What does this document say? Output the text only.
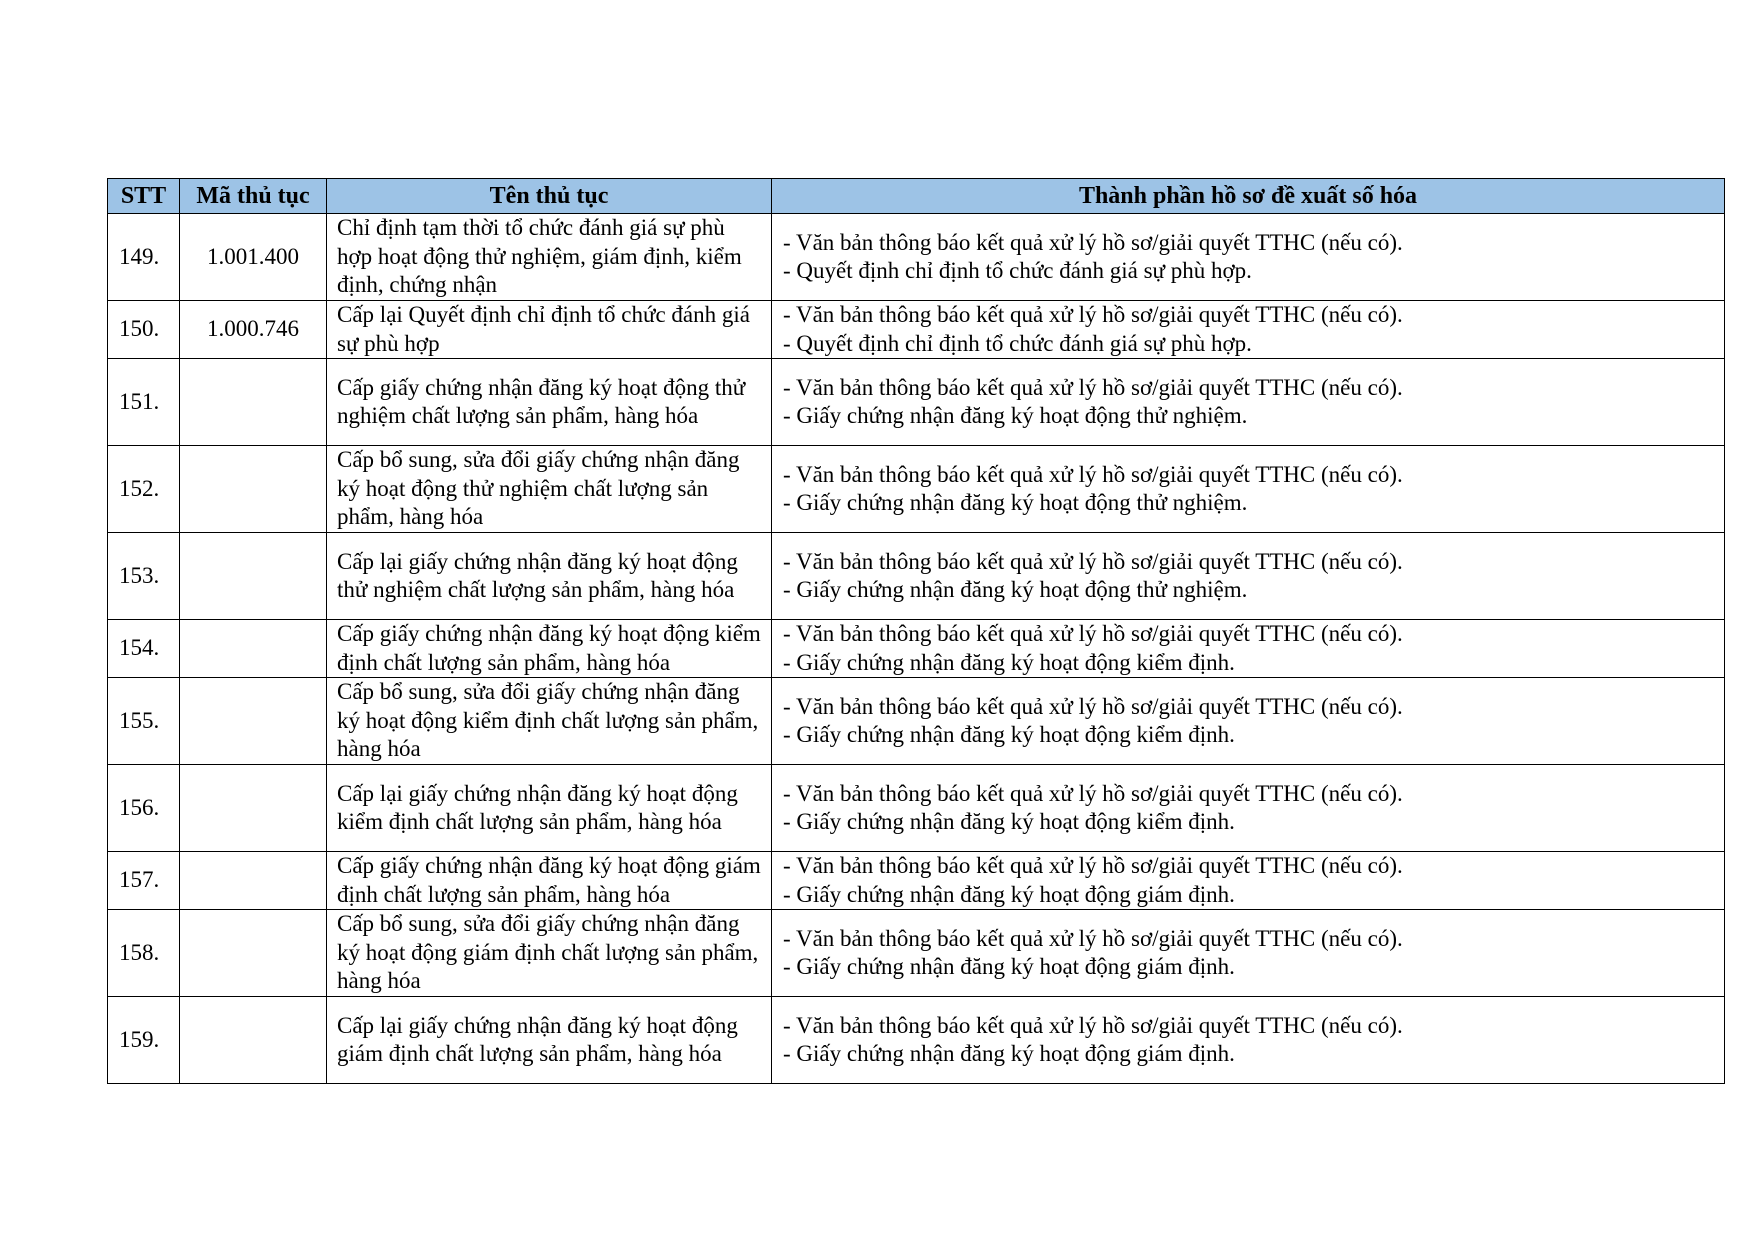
STT	Mã thủ tục	Tên thủ tục	Thành phần hồ sơ đề xuất số hóa
149.	1.001.400	Chỉ định tạm thời tổ chức đánh giá sự phù hợp hoạt động thử nghiệm, giám định, kiểm định, chứng nhận	- Văn bản thông báo kết quả xử lý hồ sơ/giải quyết TTHC (nếu có).
- Quyết định chỉ định tổ chức đánh giá sự phù hợp.

150.	1.000.746	Cấp lại Quyết định chỉ định tổ chức đánh giá sự phù hợp	- Văn bản thông báo kết quả xử lý hồ sơ/giải quyết TTHC (nếu có).
- Quyết định chỉ định tổ chức đánh giá sự phù hợp.

151.		Cấp giấy chứng nhận đăng ký hoạt động thử nghiệm chất lượng sản phẩm, hàng hóa	- Văn bản thông báo kết quả xử lý hồ sơ/giải quyết TTHC (nếu có).
- Giấy chứng nhận đăng ký hoạt động thử nghiệm.

152.		Cấp bổ sung, sửa đổi giấy chứng nhận đăng ký hoạt động thử nghiệm chất lượng sản phẩm, hàng hóa	- Văn bản thông báo kết quả xử lý hồ sơ/giải quyết TTHC (nếu có).
- Giấy chứng nhận đăng ký hoạt động thử nghiệm.

153.		Cấp lại giấy chứng nhận đăng ký hoạt động thử nghiệm chất lượng sản phẩm, hàng hóa	- Văn bản thông báo kết quả xử lý hồ sơ/giải quyết TTHC (nếu có).
- Giấy chứng nhận đăng ký hoạt động thử nghiệm.

154.		Cấp giấy chứng nhận đăng ký hoạt động kiểm định chất lượng sản phẩm, hàng hóa	- Văn bản thông báo kết quả xử lý hồ sơ/giải quyết TTHC (nếu có).
- Giấy chứng nhận đăng ký hoạt động kiểm định.

155.		Cấp bổ sung, sửa đổi giấy chứng nhận đăng ký hoạt động kiểm định chất lượng sản phẩm, hàng hóa	- Văn bản thông báo kết quả xử lý hồ sơ/giải quyết TTHC (nếu có).
- Giấy chứng nhận đăng ký hoạt động kiểm định.

156.		Cấp lại giấy chứng nhận đăng ký hoạt động kiểm định chất lượng sản phẩm, hàng hóa	- Văn bản thông báo kết quả xử lý hồ sơ/giải quyết TTHC (nếu có).
- Giấy chứng nhận đăng ký hoạt động kiểm định.

157.		Cấp giấy chứng nhận đăng ký hoạt động giám định chất lượng sản phẩm, hàng hóa	- Văn bản thông báo kết quả xử lý hồ sơ/giải quyết TTHC (nếu có).
- Giấy chứng nhận đăng ký hoạt động giám định.

158.		Cấp bổ sung, sửa đổi giấy chứng nhận đăng ký hoạt động giám định chất lượng sản phẩm, hàng hóa	- Văn bản thông báo kết quả xử lý hồ sơ/giải quyết TTHC (nếu có).
- Giấy chứng nhận đăng ký hoạt động giám định.

159.		Cấp lại giấy chứng nhận đăng ký hoạt động giám định chất lượng sản phẩm, hàng hóa	- Văn bản thông báo kết quả xử lý hồ sơ/giải quyết TTHC (nếu có).
- Giấy chứng nhận đăng ký hoạt động giám định.
